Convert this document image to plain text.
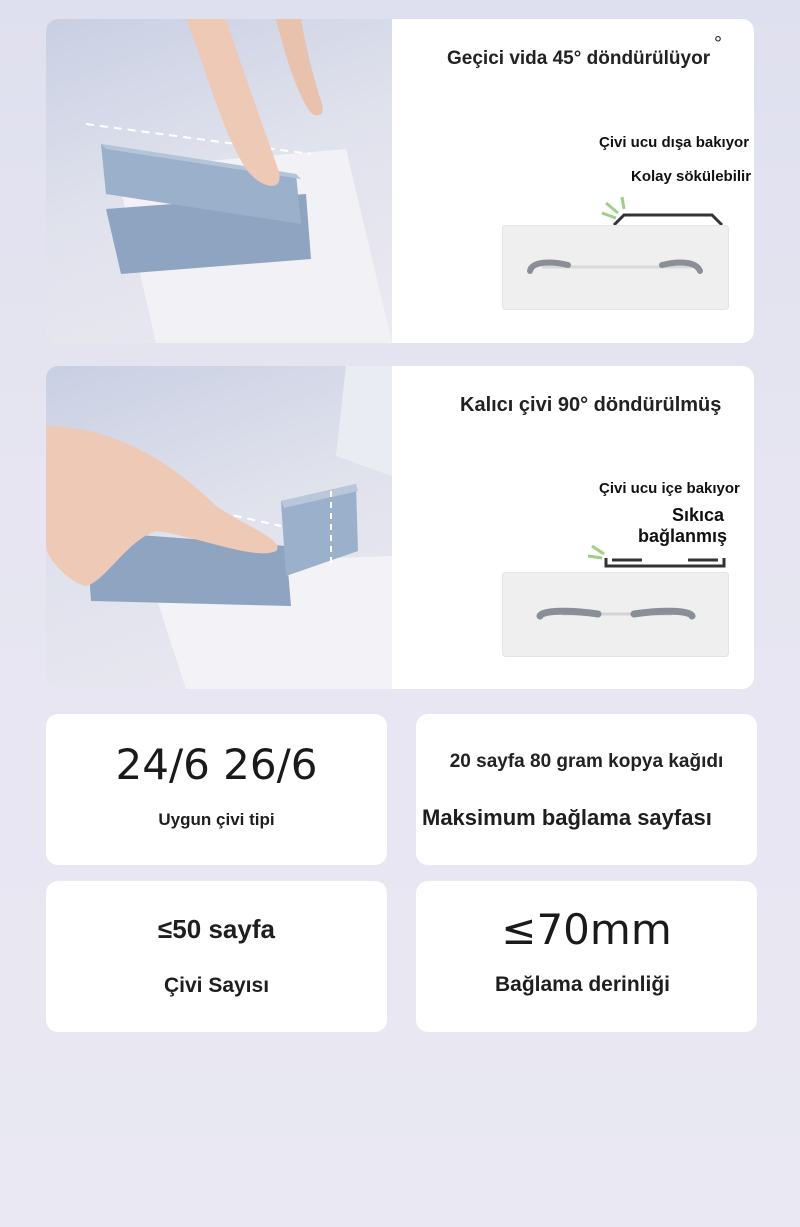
Geçici vida 45° döndürülüyor
°
Çivi ucu dışa bakıyor
Kolay sökülebilir
Kalıcı çivi 90° döndürülmüş
Çivi ucu içe bakıyor
Sıkıca
bağlanmış
24/6 26/6
Uygun çivi tipi
20 sayfa 80 gram kopya kağıdı
Maksimum bağlama sayfası
≤50 sayfa
Çivi Sayısı
≤70mm
Bağlama derinliği
